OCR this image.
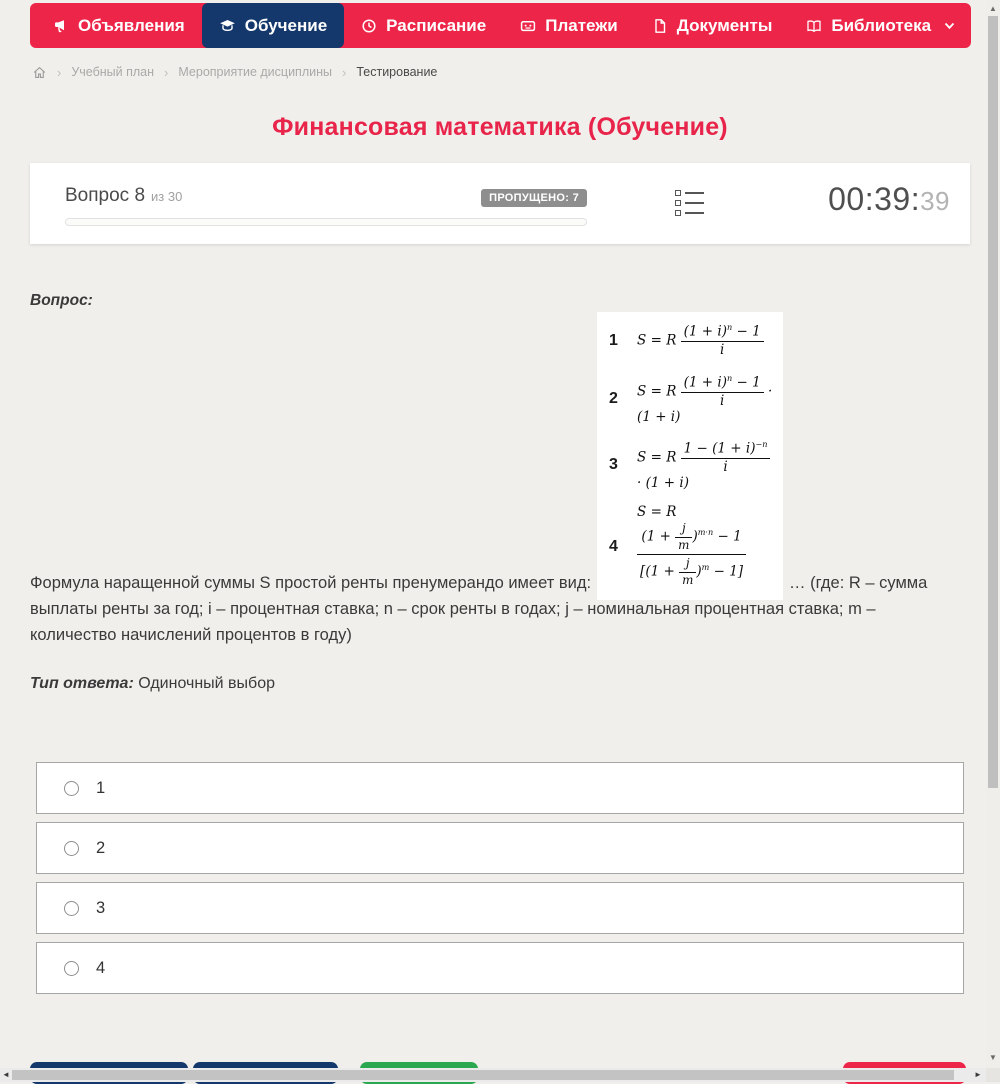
Объявления	Обучение	Расписание	Платежи	Документы	Библиотека
› Учебный план › Мероприятие дисциплины › Тестирование
Финансовая математика (Обучение)
Вопрос 8 из 30	ПРОПУЩЕНО: 7	00:39:39
Вопрос:
Формула наращенной суммы S простой ренты пренумерандо имеет вид:
1 S = R $\frac{(1 + i)^n - 1}{i}$
2 S = R $\frac{(1 + i)^n - 1}{i} \cdot (1 + i)$
3 S = R $\frac{1 - (1 + i)^{-n}}{i}$
· (1 + i)
4
S = R
$\frac{(1 + \frac{j}{m} )^{m\cdot n} - 1}{[(1 + \frac{j}{m} )^m - 1]}$	… (где: R – сумма выплаты ренты за год; i – процентная ставка; n – срок ренты в годах; j – номинальная процентная ставка; m – количество начислений процентов в году)
Тип ответа: Одиночный выбор
1
2
3
4
▲
▼
◄	►
